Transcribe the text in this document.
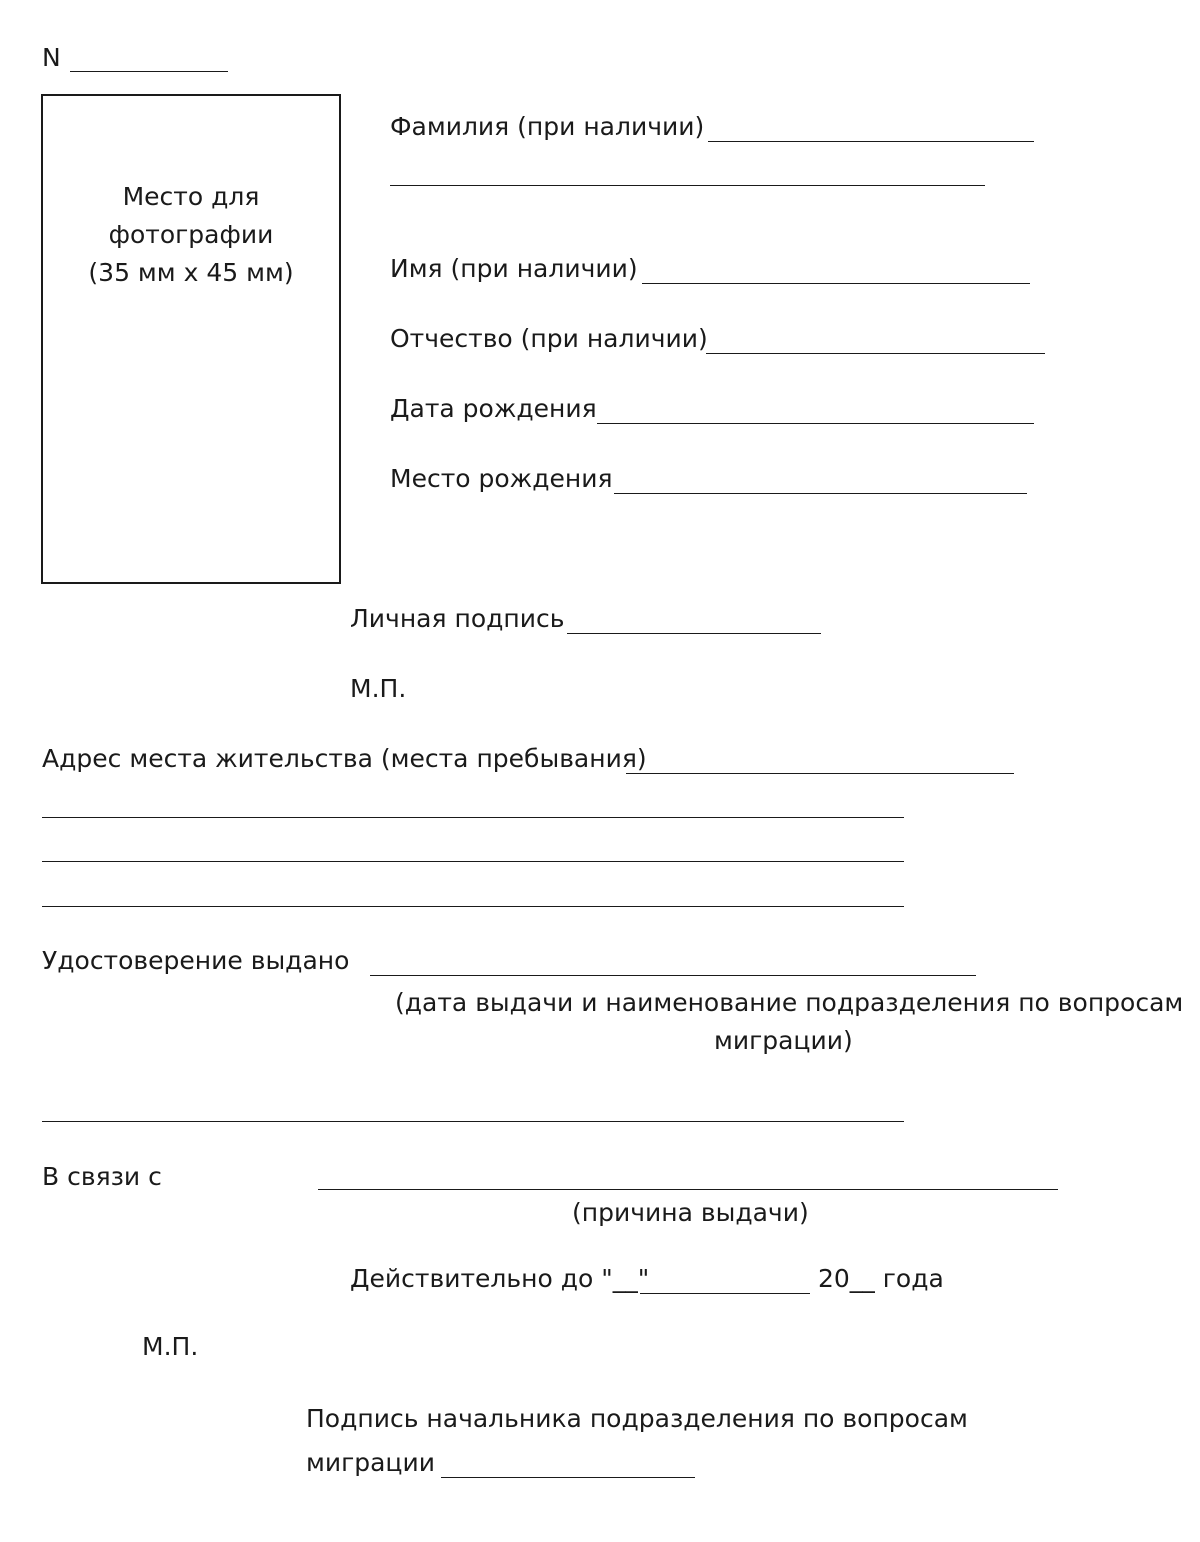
N
Место для
фотографии
(35 мм х 45 мм)
Фамилия (при наличии)
Имя (при наличии)
Отчество (при наличии)
Дата рождения
Место рождения
Личная подпись
М.П.
Адрес места жительства (места пребывания)
Удостоверение выдано
(дата выдачи и наименование подразделения по вопросам
миграции)
В связи с
(причина выдачи)
Действительно до "__"	20__ года
М.П.
Подпись начальника подразделения по вопросам
миграции
